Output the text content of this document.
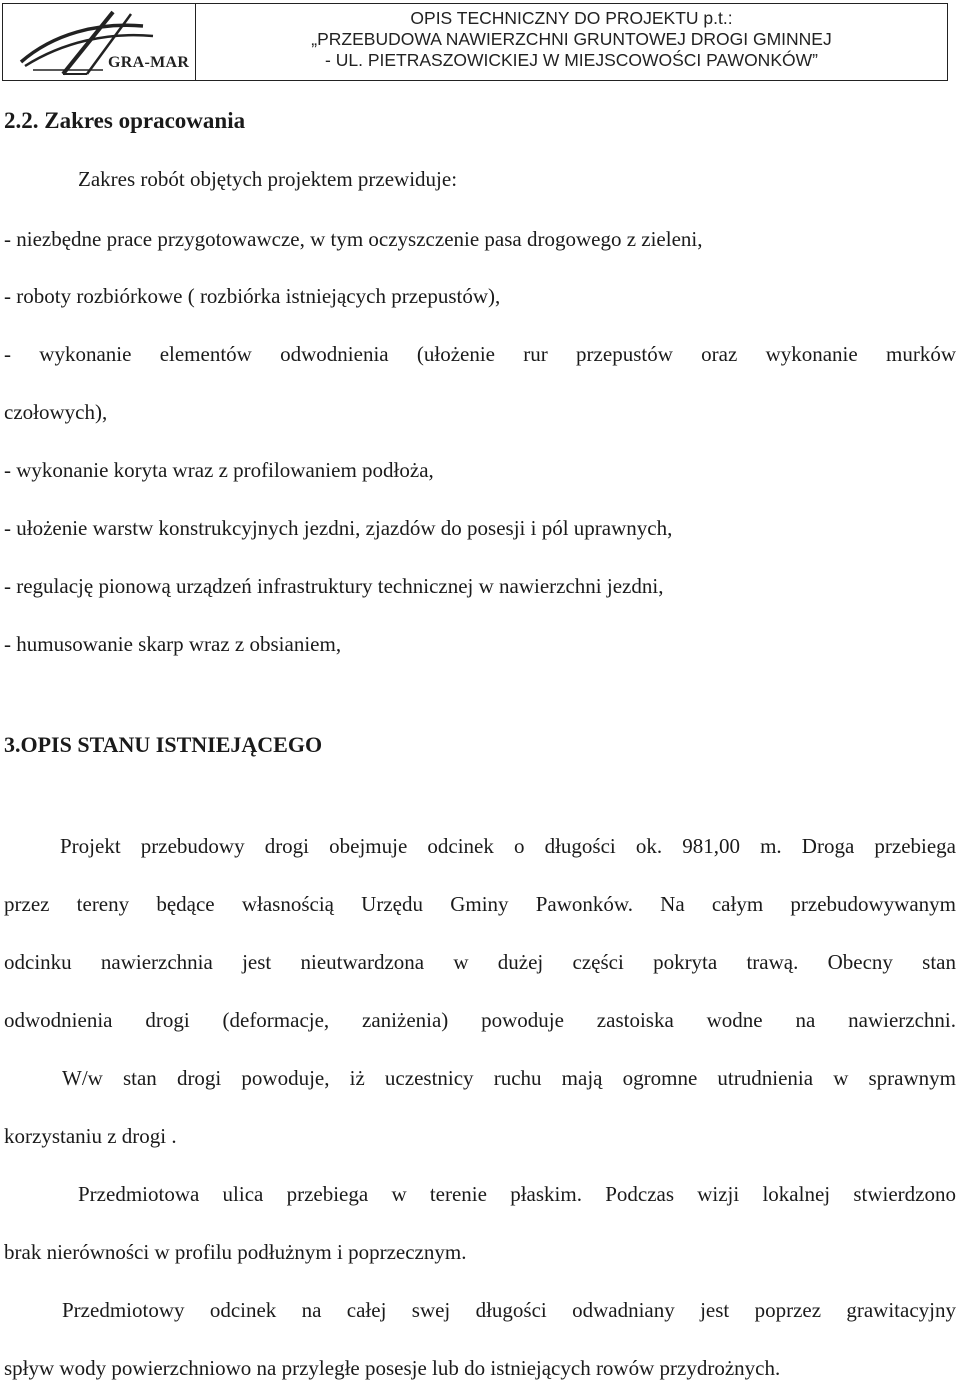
GRA-MAR
OPIS TECHNICZNY DO PROJEKTU p.t.:
„PRZEBUDOWA NAWIERZCHNI GRUNTOWEJ DROGI GMINNEJ
- UL. PIETRASZOWICKIEJ W MIEJSCOWOŚCI PAWONKÓW”
2.2. Zakres opracowania
Zakres robót objętych projektem przewiduje:
- niezbędne prace przygotowawcze, w tym oczyszczenie pasa drogowego z zieleni,
- roboty rozbiórkowe ( rozbiórka istniejących przepustów),
- wykonanie elementów odwodnienia (ułożenie rur przepustów oraz wykonanie murków
czołowych),
- wykonanie koryta wraz z profilowaniem podłoża,
- ułożenie warstw konstrukcyjnych jezdni, zjazdów do posesji i pól uprawnych,
- regulację pionową urządzeń infrastruktury technicznej w nawierzchni jezdni,
- humusowanie skarp wraz z obsianiem,
3.OPIS STANU ISTNIEJĄCEGO
Projekt przebudowy drogi obejmuje odcinek o długości ok. 981,00 m. Droga przebiega
przez tereny będące własnością Urzędu Gminy Pawonków. Na całym przebudowywanym
odcinku nawierzchnia jest nieutwardzona w dużej części pokryta trawą. Obecny stan
odwodnienia drogi (deformacje, zaniżenia) powoduje zastoiska wodne na nawierzchni.
W/w stan drogi powoduje, iż uczestnicy ruchu mają ogromne utrudnienia w sprawnym
korzystaniu z drogi .
Przedmiotowa ulica przebiega w terenie płaskim. Podczas wizji lokalnej stwierdzono
brak nierówności w profilu podłużnym i poprzecznym.
Przedmiotowy odcinek na całej swej długości odwadniany jest poprzez grawitacyjny
spływ wody powierzchniowo na przyległe posesje lub do istniejących rowów przydrożnych.
